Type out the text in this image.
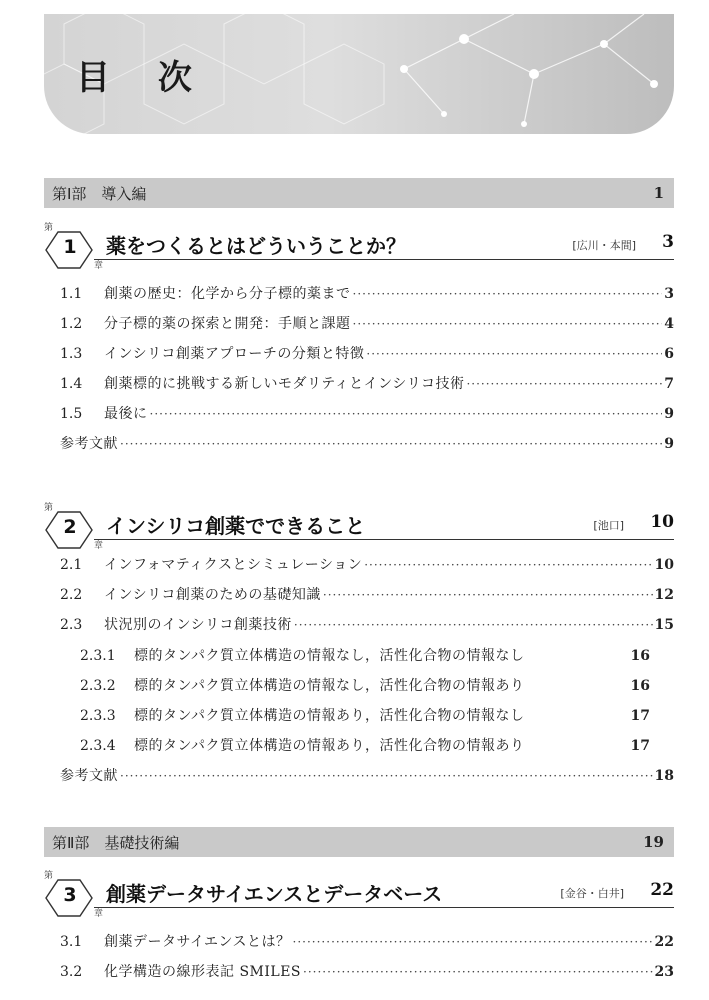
目 次
第Ⅰ部　導入編	1
第
1
章
薬をつくるとはどういうことか？	[広川・本間] 3
1.1	創薬の歴史：化学から分子標的薬まで ·····	3
1.2	分子標的薬の探索と開発：手順と課題 ·····	4
1.3	インシリコ創薬アプローチの分類と特徴 ·····	6
1.4	創薬標的に挑戦する新しいモダリティとインシリコ技術 ·····	7
1.5	最後に ·····	9
参考文献 ·····	9
第
2
章
インシリコ創薬でできること	[池口] 10
2.1	インフォマティクスとシミュレーション ·····	10
2.2	インシリコ創薬のための基礎知識 ·····	12
2.3	状況別のインシリコ創薬技術 ·····	15
2.3.1	標的タンパク質立体構造の情報なし，活性化合物の情報なし	16
2.3.2	標的タンパク質立体構造の情報なし，活性化合物の情報あり	16
2.3.3	標的タンパク質立体構造の情報あり，活性化合物の情報なし	17
2.3.4	標的タンパク質立体構造の情報あり，活性化合物の情報あり	17
参考文献 ·····	18
第Ⅱ部　基礎技術編	19
第
3
章
創薬データサイエンスとデータベース	[金谷・白井] 22
3.1	創薬データサイエンスとは？ ·····	22
3.2	化学構造の線形表記 SMILES ·····	23
